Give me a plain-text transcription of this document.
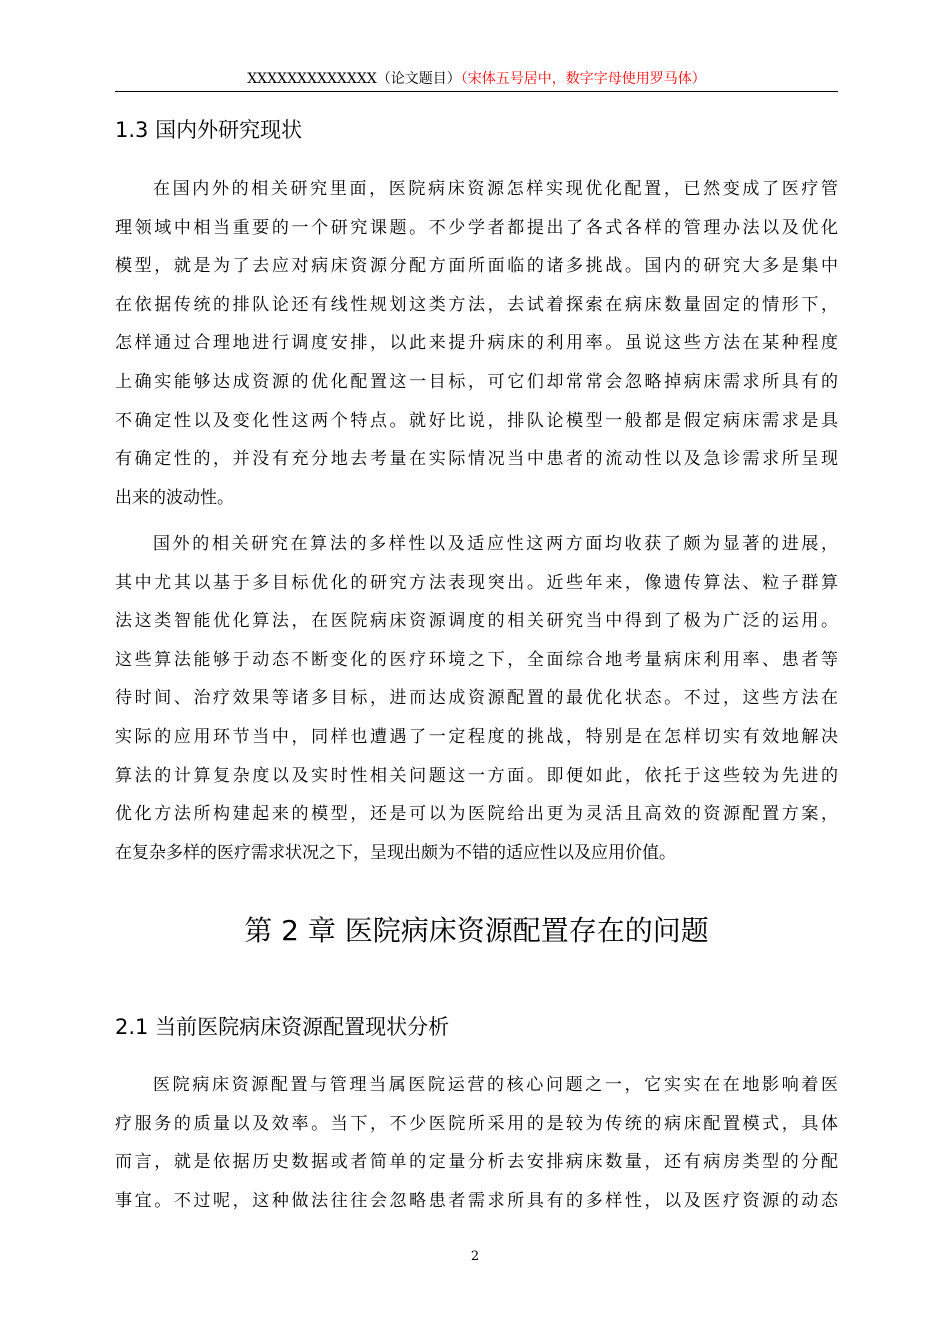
XXXXXXXXXXXXX（论文题目）（宋体五号居中，数字字母使用罗马体）
1.3 国内外研究现状

在国内外的相关研究里面，医院病床资源怎样实现优化配置，已然变成了医疗管
理领域中相当重要的一个研究课题。不少学者都提出了各式各样的管理办法以及优化
模型，就是为了去应对病床资源分配方面所面临的诸多挑战。国内的研究大多是集中
在依据传统的排队论还有线性规划这类方法，去试着探索在病床数量固定的情形下，
怎样通过合理地进行调度安排，以此来提升病床的利用率。虽说这些方法在某种程度
上确实能够达成资源的优化配置这一目标，可它们却常常会忽略掉病床需求所具有的
不确定性以及变化性这两个特点。就好比说，排队论模型一般都是假定病床需求是具
有确定性的，并没有充分地去考量在实际情况当中患者的流动性以及急诊需求所呈现
出来的波动性。

国外的相关研究在算法的多样性以及适应性这两方面均收获了颇为显著的进展，
其中尤其以基于多目标优化的研究方法表现突出。近些年来，像遗传算法、粒子群算
法这类智能优化算法，在医院病床资源调度的相关研究当中得到了极为广泛的运用。
这些算法能够于动态不断变化的医疗环境之下，全面综合地考量病床利用率、患者等
待时间、治疗效果等诸多目标，进而达成资源配置的最优化状态。不过，这些方法在
实际的应用环节当中，同样也遭遇了一定程度的挑战，特别是在怎样切实有效地解决
算法的计算复杂度以及实时性相关问题这一方面。即便如此，依托于这些较为先进的
优化方法所构建起来的模型，还是可以为医院给出更为灵活且高效的资源配置方案，
在复杂多样的医疗需求状况之下，呈现出颇为不错的适应性以及应用价值。

第 2 章 医院病床资源配置存在的问题
2.1 当前医院病床资源配置现状分析

医院病床资源配置与管理当属医院运营的核心问题之一，它实实在在地影响着医
疗服务的质量以及效率。当下，不少医院所采用的是较为传统的病床配置模式，具体
而言，就是依据历史数据或者简单的定量分析去安排病床数量，还有病房类型的分配
事宜。不过呢，这种做法往往会忽略患者需求所具有的多样性，以及医疗资源的动态

2
